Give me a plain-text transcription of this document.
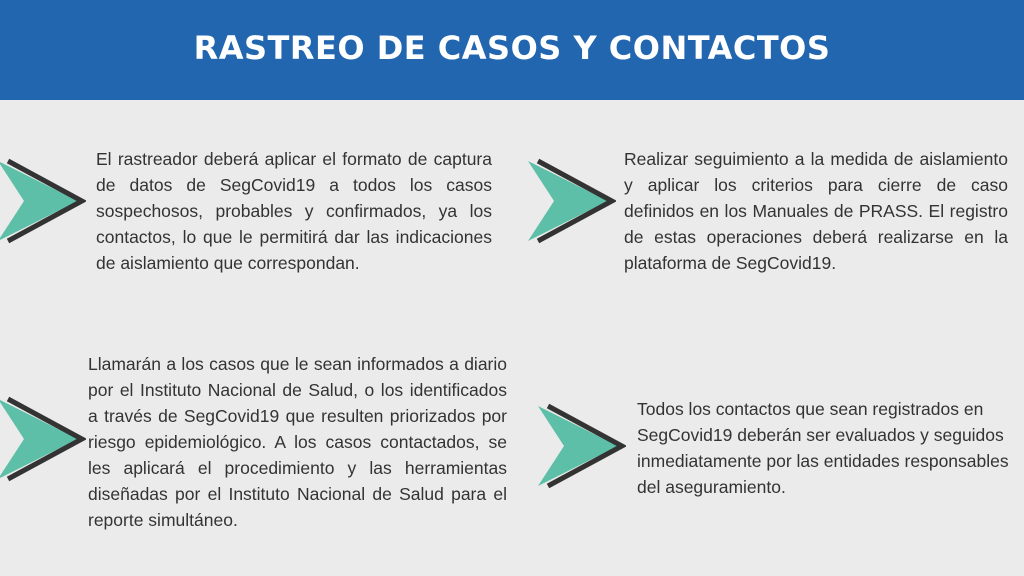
RASTREO DE CASOS Y CONTACTOS

El rastreador deberá aplicar el formato de captura de datos de SegCovid19 a todos los casos sospechosos, probables y confirmados, ya los contactos, lo que le permitirá dar las indicaciones de aislamiento que correspondan.

Realizar seguimiento a la medida de aislamiento y aplicar los criterios para cierre de caso definidos en los Manuales de PRASS. El registro de estas operaciones deberá realizarse en la plataforma de SegCovid19.

Llamarán a los casos que le sean informados a diario por el Instituto Nacional de Salud, o los identificados a través de SegCovid19 que resulten priorizados por riesgo epidemiológico. A los casos contactados, se les aplicará el procedimiento y las herramientas diseñadas por el Instituto Nacional de Salud para el reporte simultáneo.

Todos los contactos que sean registrados en SegCovid19 deberán ser evaluados y seguidos inmediatamente por las entidades responsables del aseguramiento.
